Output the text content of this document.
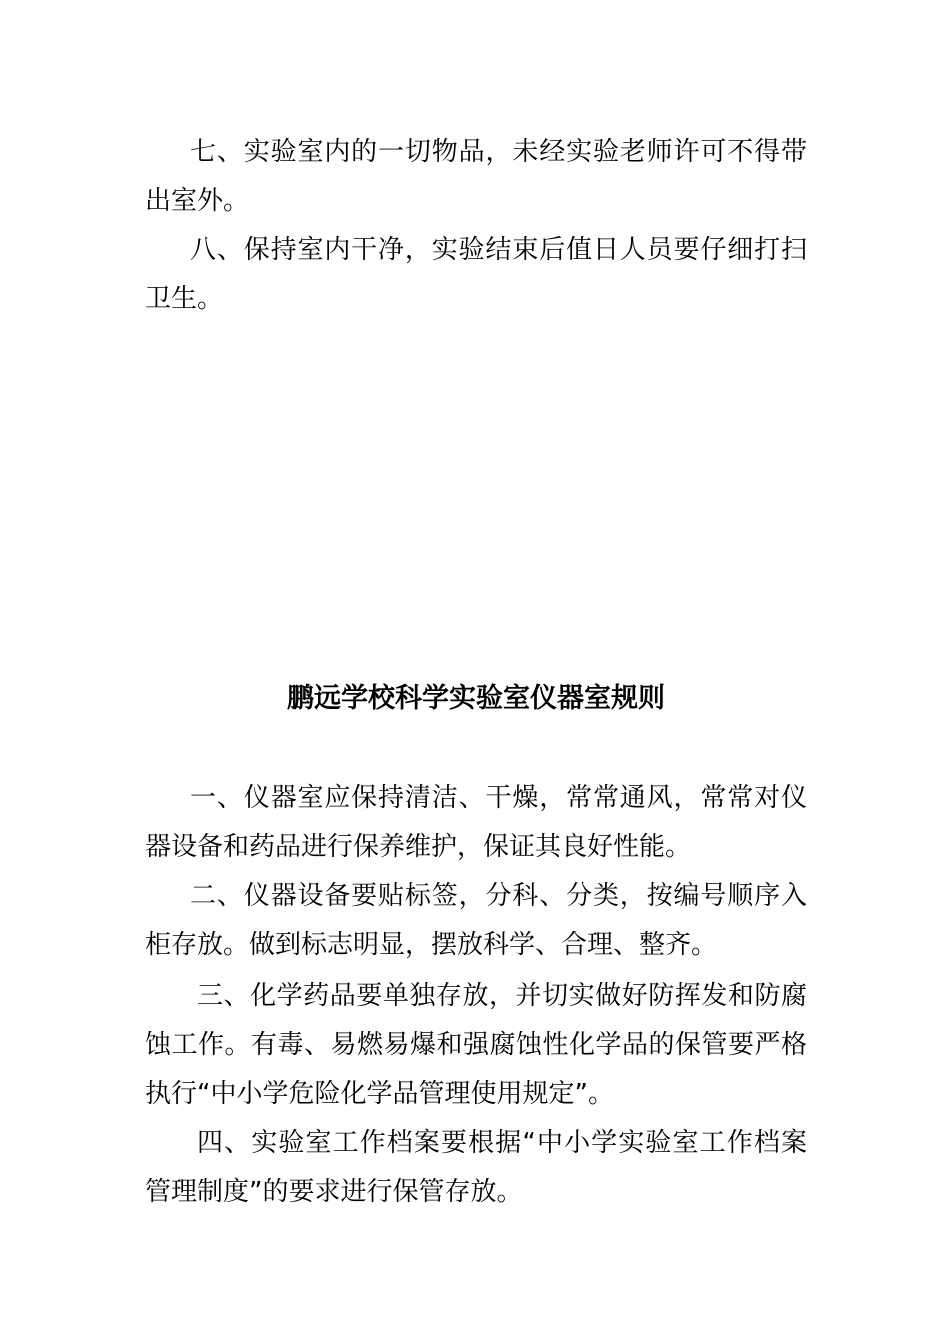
七、实验室内的一切物品，未经实验老师许可不得带出室外。

八、保持室内干净，实验结束后值日人员要仔细打扫卫生。

鹏远学校科学实验室仪器室规则

一、仪器室应保持清洁、干燥，常常通风，常常对仪器设备和药品进行保养维护，保证其良好性能。

二、仪器设备要贴标签，分科、分类，按编号顺序入柜存放。做到标志明显，摆放科学、合理、整齐。

三、化学药品要单独存放，并切实做好防挥发和防腐蚀工作。有毒、易燃易爆和强腐蚀性化学品的保管要严格执行“中小学危险化学品管理使用规定”。

四、实验室工作档案要根据“中小学实验室工作档案管理制度”的要求进行保管存放。
